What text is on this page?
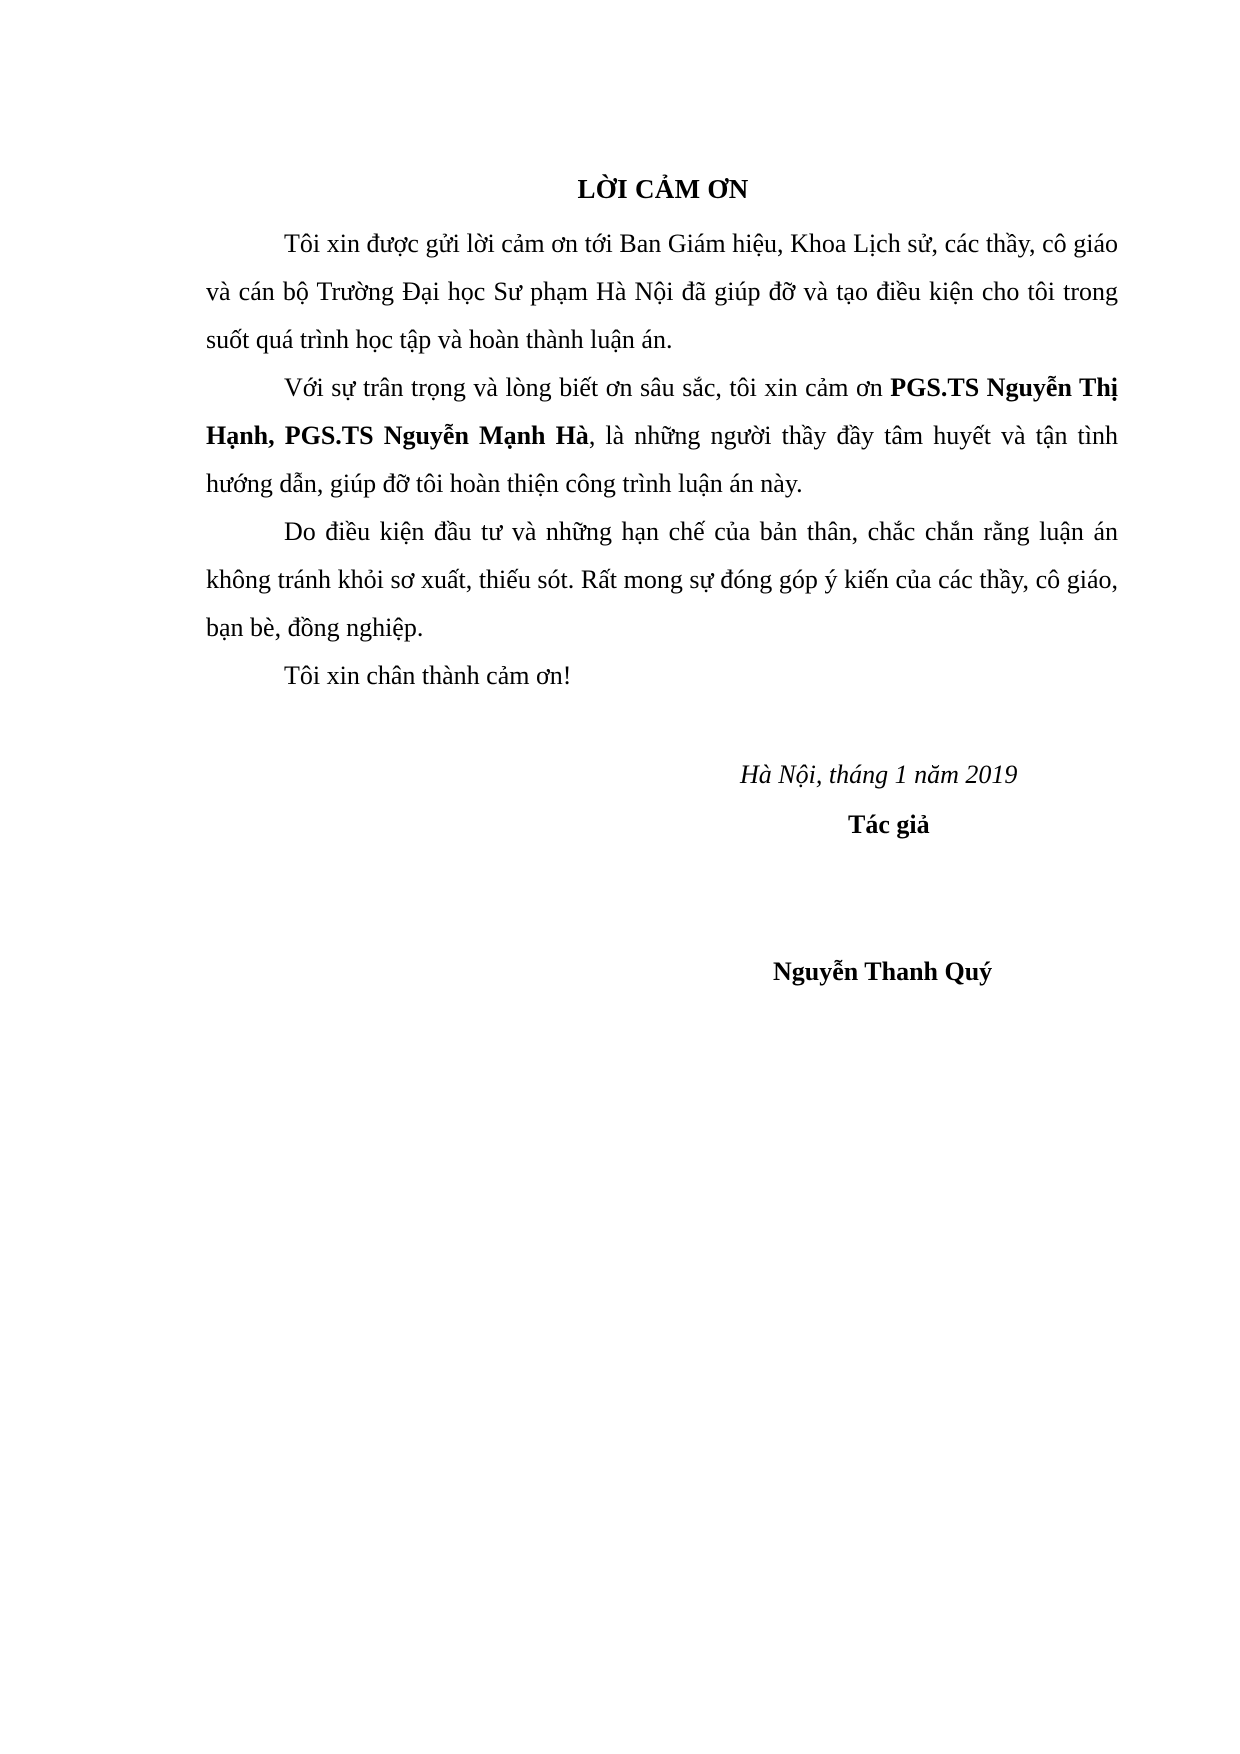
LỜI CẢM ƠN

Tôi xin được gửi lời cảm ơn tới Ban Giám hiệu, Khoa Lịch sử, các thầy, cô giáo và cán bộ Trường Đại học Sư phạm Hà Nội đã giúp đỡ và tạo điều kiện cho tôi trong suốt quá trình học tập và hoàn thành luận án.

Với sự trân trọng và lòng biết ơn sâu sắc, tôi xin cảm ơn PGS.TS Nguyễn Thị Hạnh, PGS.TS Nguyễn Mạnh Hà, là những người thầy đầy tâm huyết và tận tình hướng dẫn, giúp đỡ tôi hoàn thiện công trình luận án này.

Do điều kiện đầu tư và những hạn chế của bản thân, chắc chắn rằng luận án không tránh khỏi sơ xuất, thiếu sót. Rất mong sự đóng góp ý kiến của các thầy, cô giáo, bạn bè, đồng nghiệp.

Tôi xin chân thành cảm ơn!

Hà Nội, tháng 1 năm 2019
Tác giả
Nguyễn Thanh Quý
